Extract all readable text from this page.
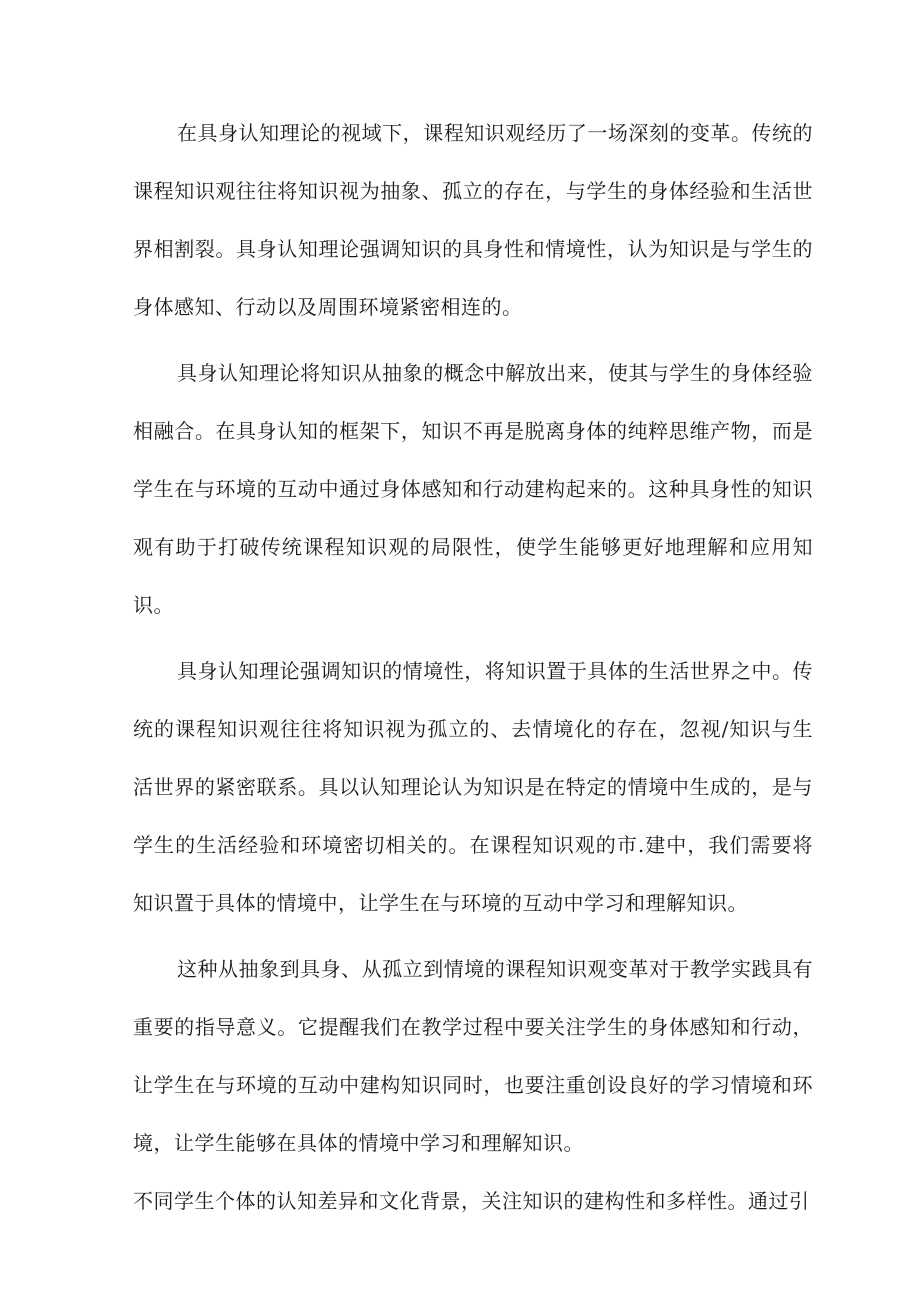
在具身认知理论的视域下，课程知识观经历了一场深刻的变革。传统的课程知识观往往将知识视为抽象、孤立的存在，与学生的身体经验和生活世界相割裂。具身认知理论强调知识的具身性和情境性，认为知识是与学生的身体感知、行动以及周围环境紧密相连的。

具身认知理论将知识从抽象的概念中解放出来，使其与学生的身体经验相融合。在具身认知的框架下，知识不再是脱离身体的纯粹思维产物，而是学生在与环境的互动中通过身体感知和行动建构起来的。这种具身性的知识观有助于打破传统课程知识观的局限性，使学生能够更好地理解和应用知识。

具身认知理论强调知识的情境性，将知识置于具体的生活世界之中。传统的课程知识观往往将知识视为孤立的、去情境化的存在，忽视/知识与生活世界的紧密联系。具以认知理论认为知识是在特定的情境中生成的，是与学生的生活经验和环境密切相关的。在课程知识观的市.建中，我们需要将知识置于具体的情境中，让学生在与环境的互动中学习和理解知识。

这种从抽象到具身、从孤立到情境的课程知识观变革对于教学实践具有重要的指导意义。它提醒我们在教学过程中要关注学生的身体感知和行动，让学生在与环境的互动中建构知识同时，也要注重创设良好的学习情境和环境，让学生能够在具体的情境中学习和理解知识。

不同学生个体的认知差异和文化背景，关注知识的建构性和多样性。通过引
